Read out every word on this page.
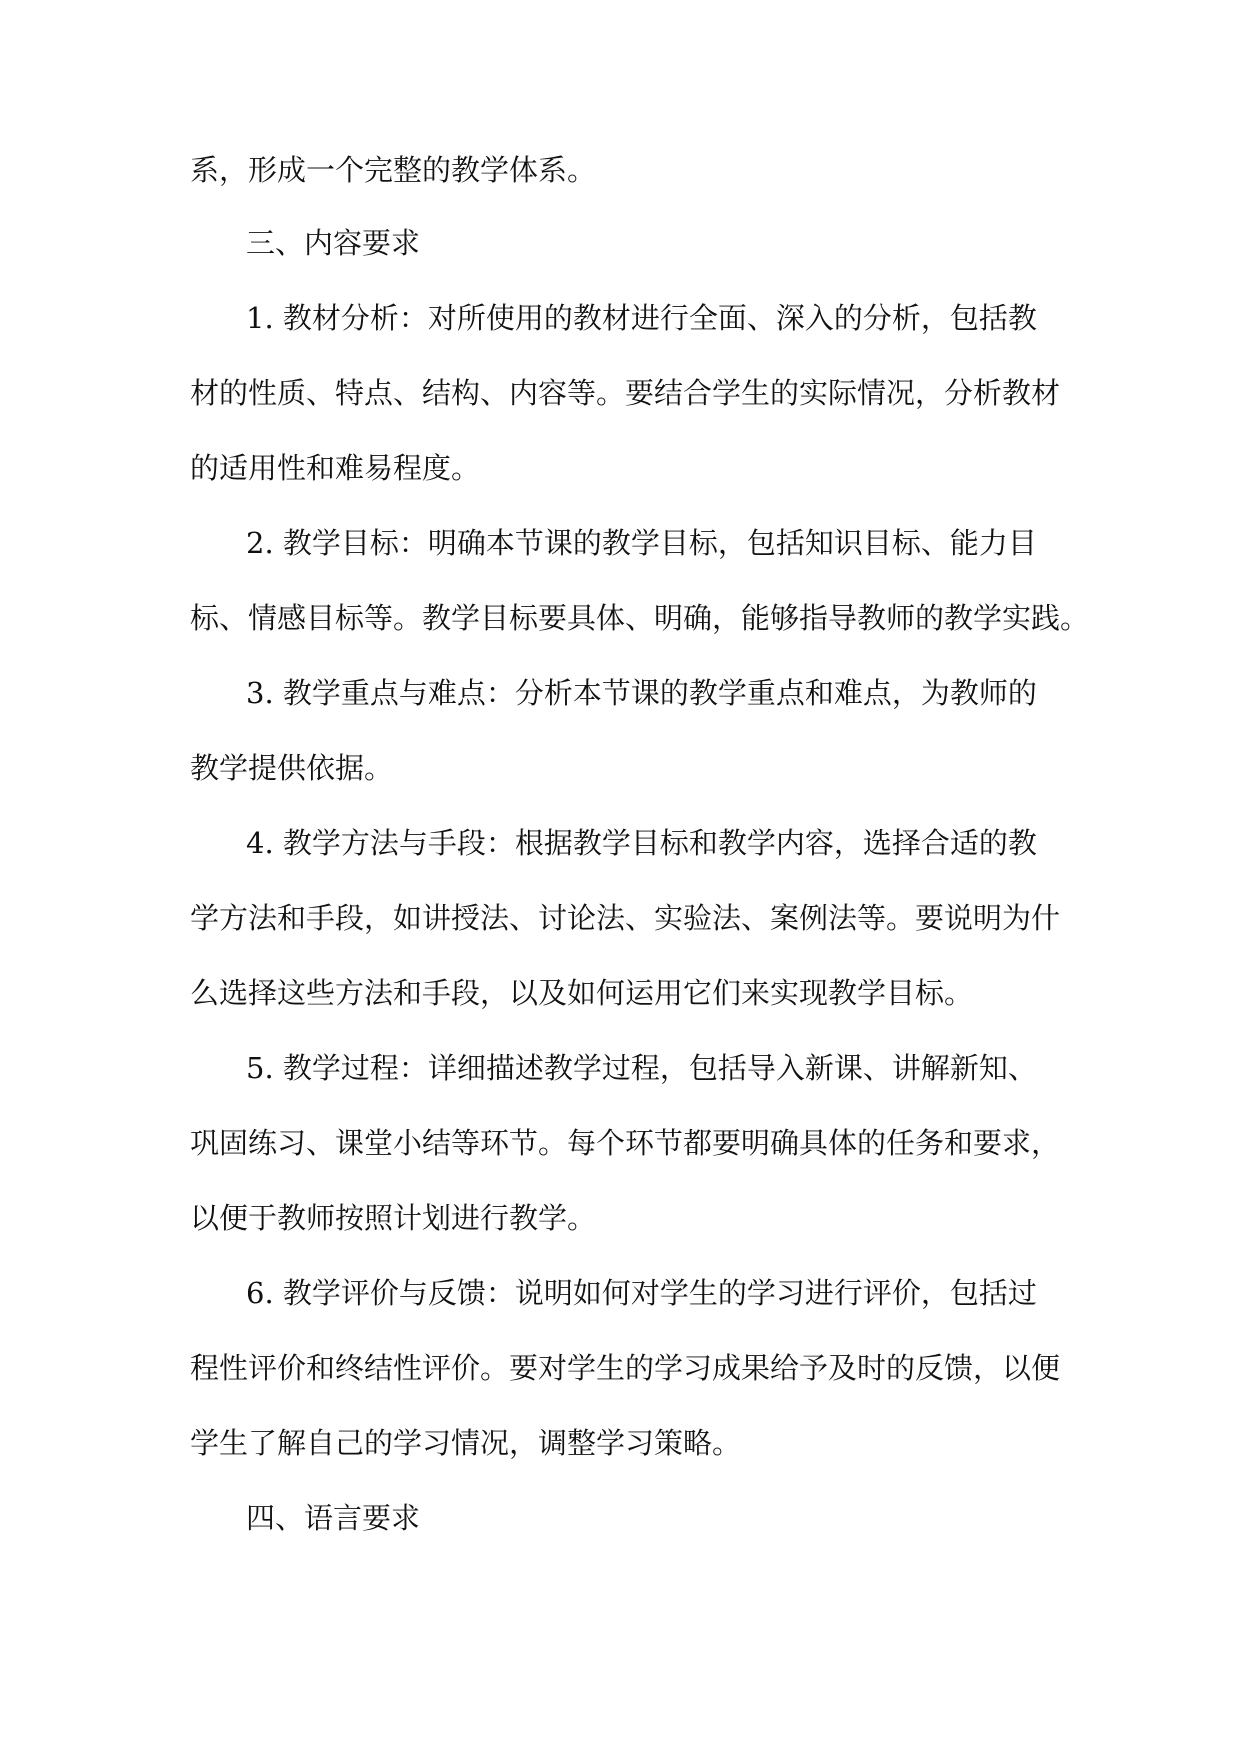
系，形成一个完整的教学体系。
三、内容要求
1. 教材分析：对所使用的教材进行全面、深入的分析，包括教
材的性质、特点、结构、内容等。要结合学生的实际情况，分析教材
的适用性和难易程度。
2. 教学目标：明确本节课的教学目标，包括知识目标、能力目
标、情感目标等。教学目标要具体、明确，能够指导教师的教学实践。
3. 教学重点与难点：分析本节课的教学重点和难点，为教师的
教学提供依据。
4. 教学方法与手段：根据教学目标和教学内容，选择合适的教
学方法和手段，如讲授法、讨论法、实验法、案例法等。要说明为什
么选择这些方法和手段，以及如何运用它们来实现教学目标。
5. 教学过程：详细描述教学过程，包括导入新课、讲解新知、
巩固练习、课堂小结等环节。每个环节都要明确具体的任务和要求，
以便于教师按照计划进行教学。
6. 教学评价与反馈：说明如何对学生的学习进行评价，包括过
程性评价和终结性评价。要对学生的学习成果给予及时的反馈，以便
学生了解自己的学习情况，调整学习策略。
四、语言要求
